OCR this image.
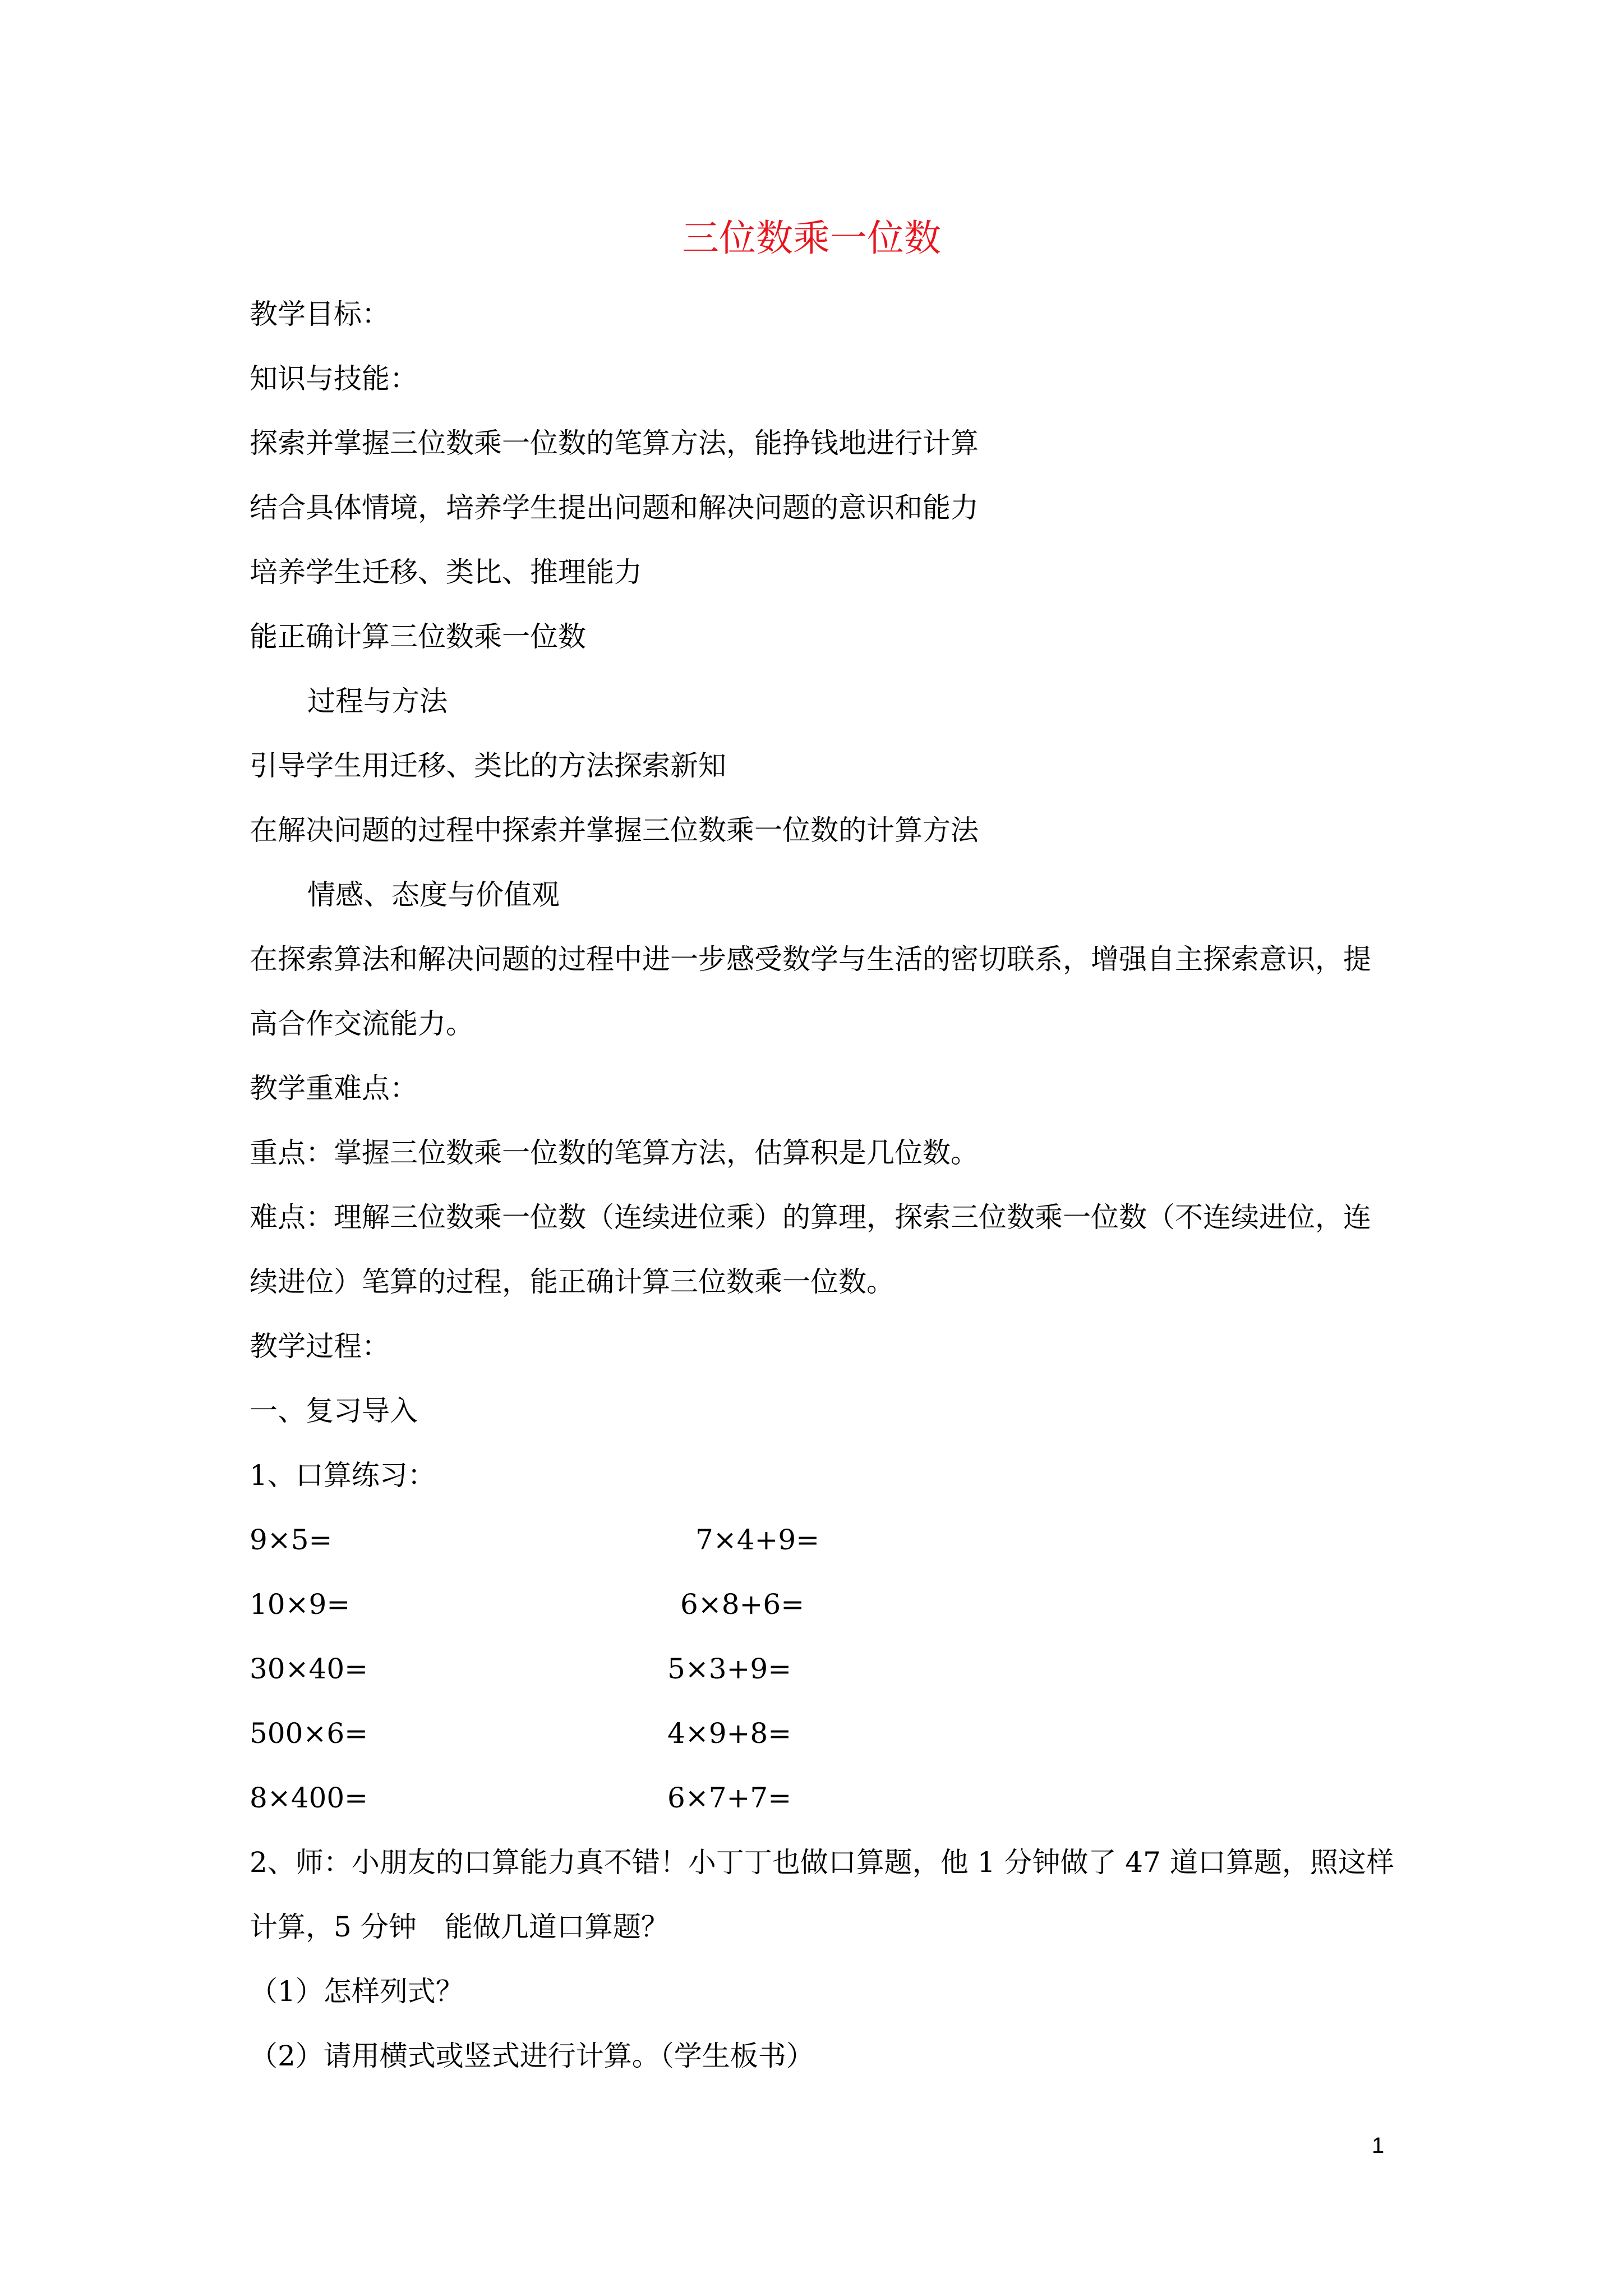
三位数乘一位数
教学目标：
知识与技能：
探索并掌握三位数乘一位数的笔算方法，能挣钱地进行计算
结合具体情境，培养学生提出问题和解决问题的意识和能力
培养学生迁移、类比、推理能力
能正确计算三位数乘一位数
过程与方法
引导学生用迁移、类比的方法探索新知
在解决问题的过程中探索并掌握三位数乘一位数的计算方法
情感、态度与价值观
在探索算法和解决问题的过程中进一步感受数学与生活的密切联系，增强自主探索意识，提
高合作交流能力。
教学重难点：
重点：掌握三位数乘一位数的笔算方法，估算积是几位数。
难点：理解三位数乘一位数（连续进位乘）的算理，探索三位数乘一位数（不连续进位，连
续进位）笔算的过程，能正确计算三位数乘一位数。
教学过程：
一、复习导入
1、口算练习：
9×5=	7×4+9=
10×9=	6×8+6=
30×40=	5×3+9=
500×6=	4×9+8=
8×400=	6×7+7=
2、师：小朋友的口算能力真不错！小丁丁也做口算题，他 1 分钟做了 47 道口算题，照这样
计算，5 分钟　能做几道口算题？
（1）怎样列式？
（2）请用横式或竖式进行计算。（学生板书）
1
